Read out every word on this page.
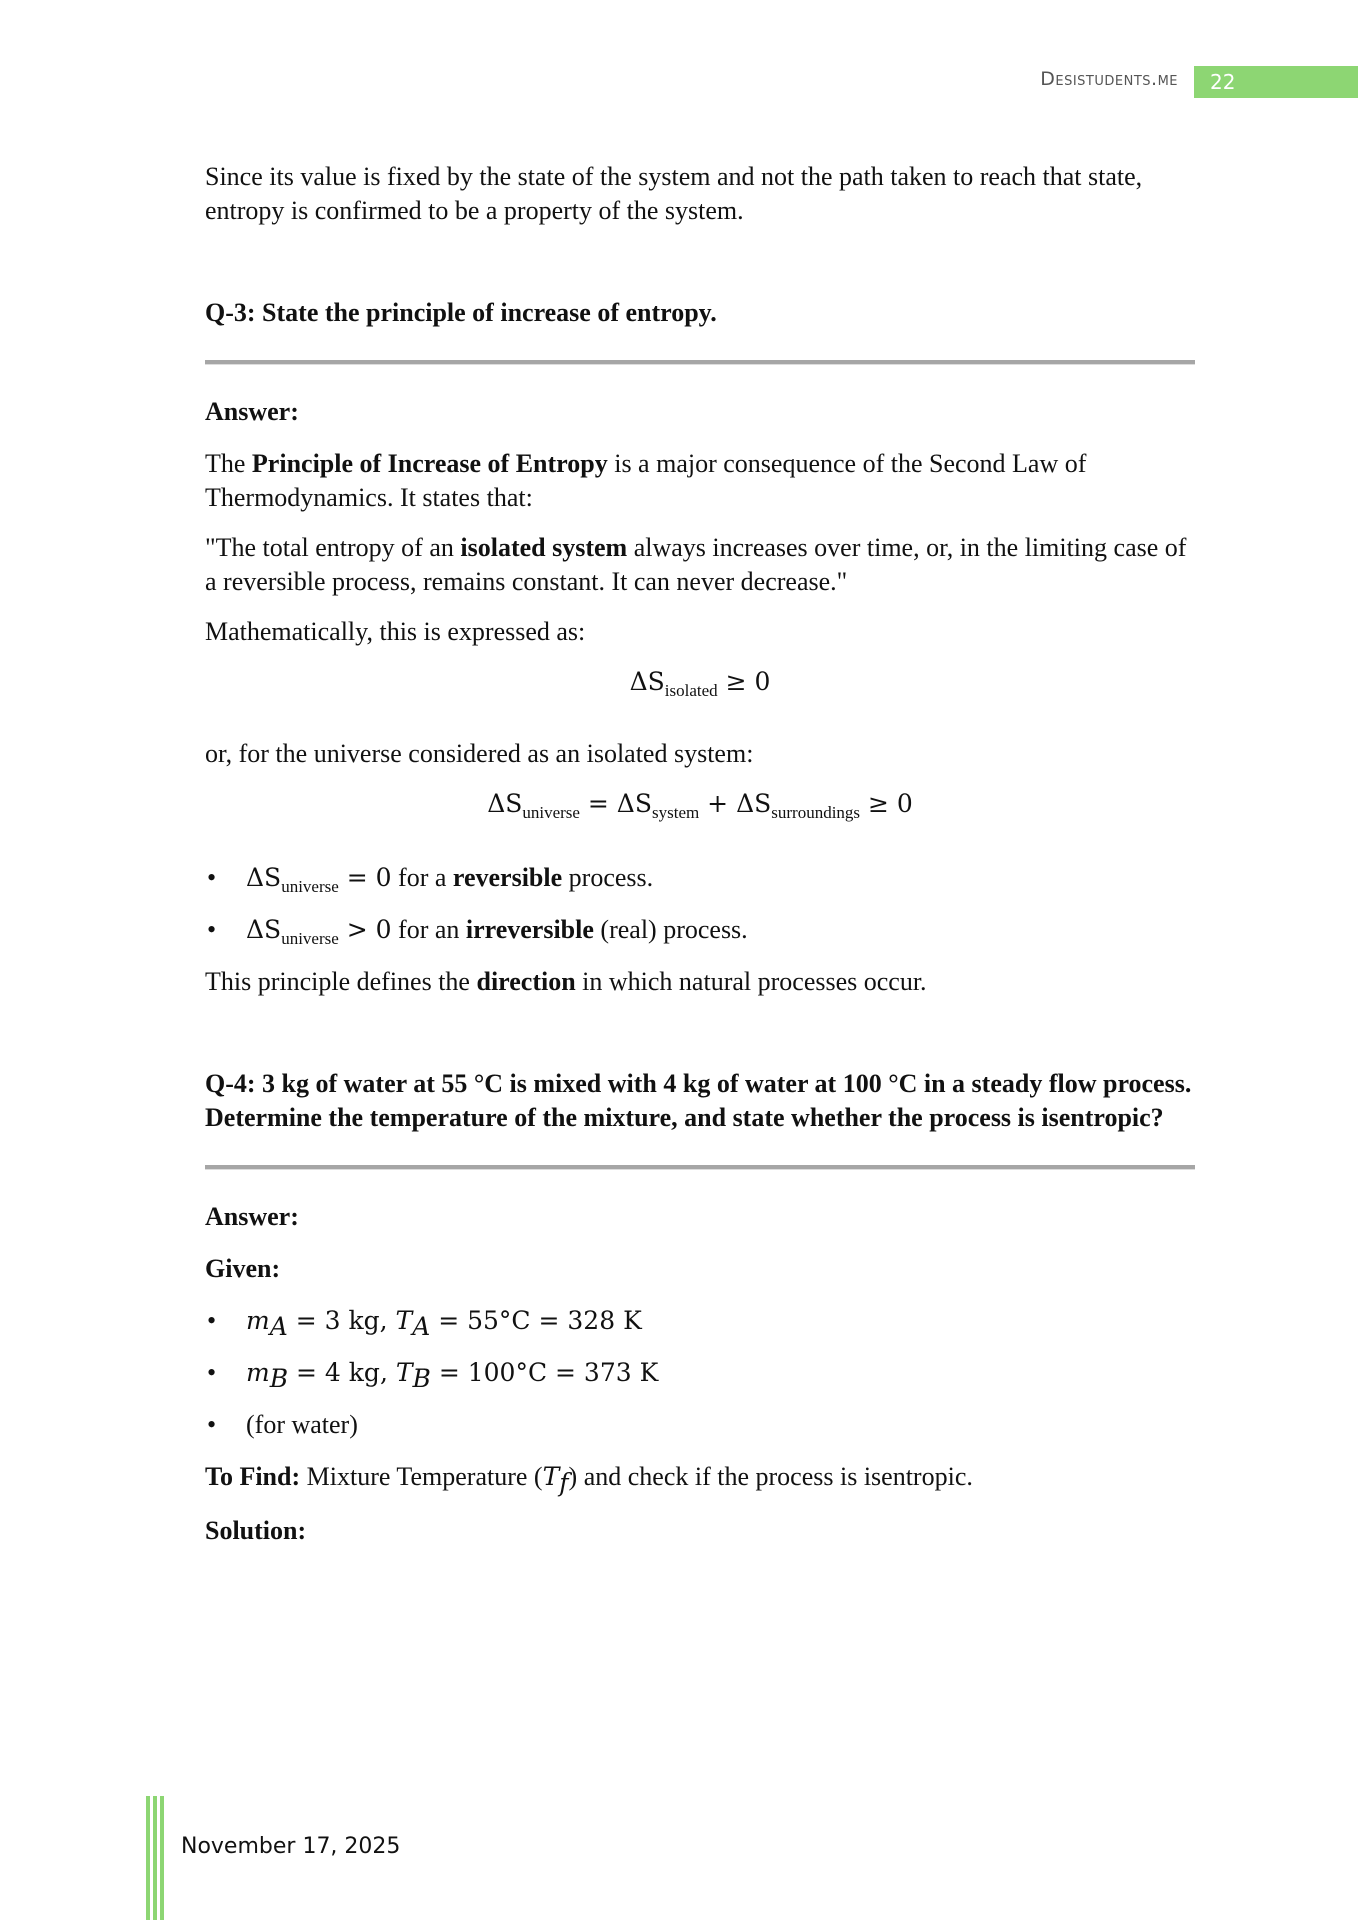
Desistudents.me	22

Since its value is fixed by the state of the system and not the path taken to reach that state, entropy is confirmed to be a property of the system.

Q-3: State the principle of increase of entropy.

Answer:

The Principle of Increase of Entropy is a major consequence of the Second Law of Thermodynamics. It states that:

"The total entropy of an isolated system always increases over time, or, in the limiting case of a reversible process, remains constant. It can never decrease."

Mathematically, this is expressed as:

$\Delta S_{isolated} \ge 0$

or, for the universe considered as an isolated system:

$\Delta S_{universe} = \Delta S_{system} + \Delta S_{surroundings} \ge 0$

• $\Delta S_{universe} = 0$ for a reversible process.
• $\Delta S_{universe} > 0$ for an irreversible (real) process.

This principle defines the direction in which natural processes occur.

Q-4: 3 kg of water at 55 °C is mixed with 4 kg of water at 100 °C in a steady flow process. Determine the temperature of the mixture, and state whether the process is isentropic?

Answer:

Given:

• $m_A = 3$ kg, $T_A = 55^\circ C = 328$ K
• $m_B = 4$ kg, $T_B = 100^\circ C = 373$ K
• (for water)

To Find: Mixture Temperature $(T_f)$ and check if the process is isentropic.

Solution:

November 17, 2025
